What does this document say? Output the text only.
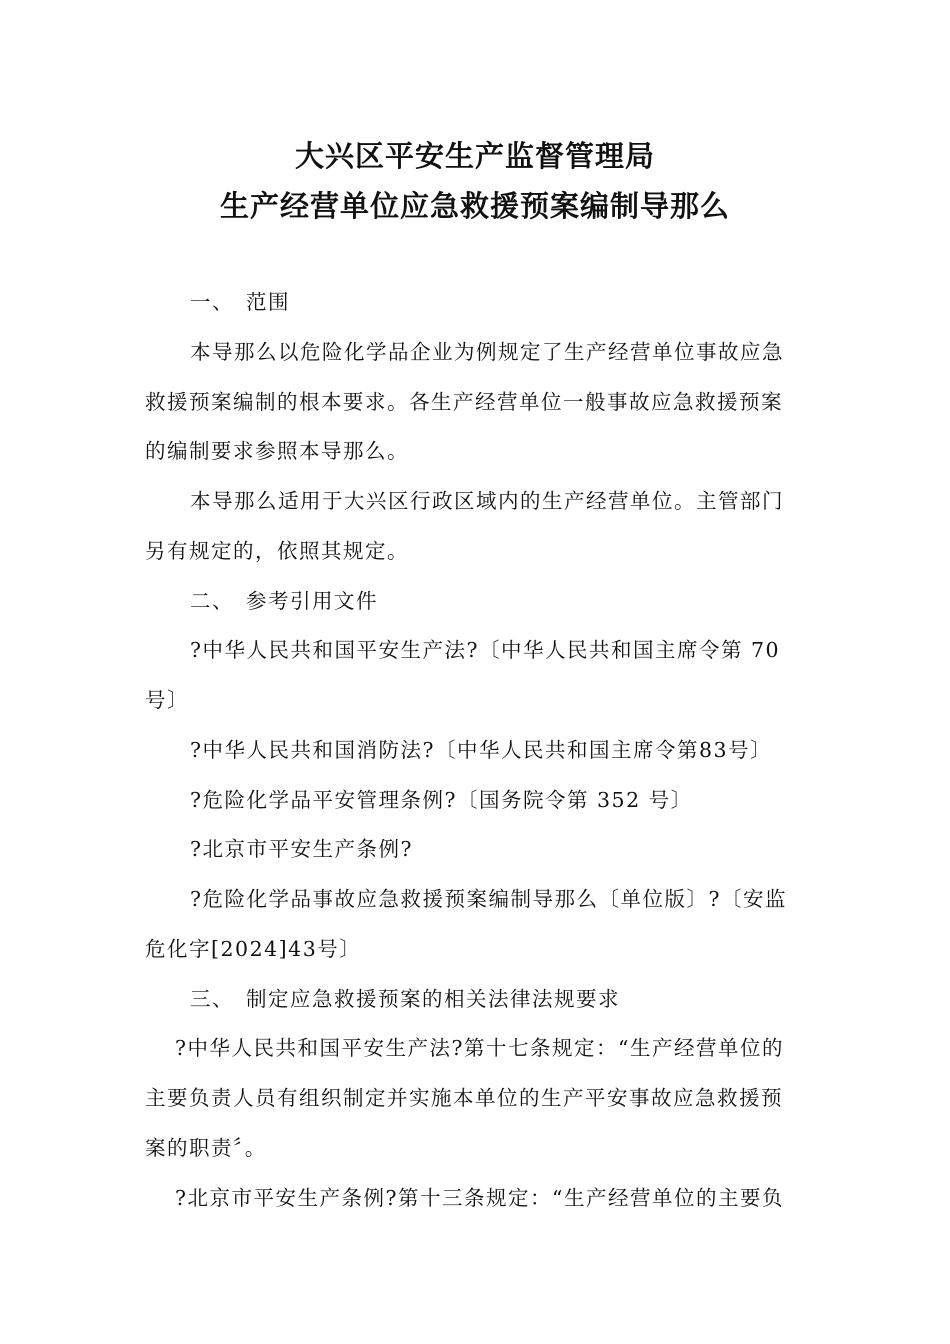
大兴区平安生产监督管理局
生产经营单位应急救援预案编制导那么
一、 范围
本导那么以危险化学品企业为例规定了生产经营单位事故应急
救援预案编制的根本要求。各生产经营单位一般事故应急救援预案
的编制要求参照本导那么。
本导那么适用于大兴区行政区域内的生产经营单位。主管部门
另有规定的，依照其规定。
二、 参考引用文件
?中华人民共和国平安生产法?〔中华人民共和国主席令第 70
号〕
?中华人民共和国消防法?〔中华人民共和国主席令第83号〕
?危险化学品平安管理条例?〔国务院令第 352 号〕
?北京市平安生产条例?
?危险化学品事故应急救援预案编制导那么〔单位版〕?〔安监
危化字[2024]43号〕
三、 制定应急救援预案的相关法律法规要求
?中华人民共和国平安生产法?第十七条规定：“生产经营单位的
主要负责人员有组织制定并实施本单位的生产平安事故应急救援预
案的职责〞。
?北京市平安生产条例?第十三条规定：“生产经营单位的主要负
